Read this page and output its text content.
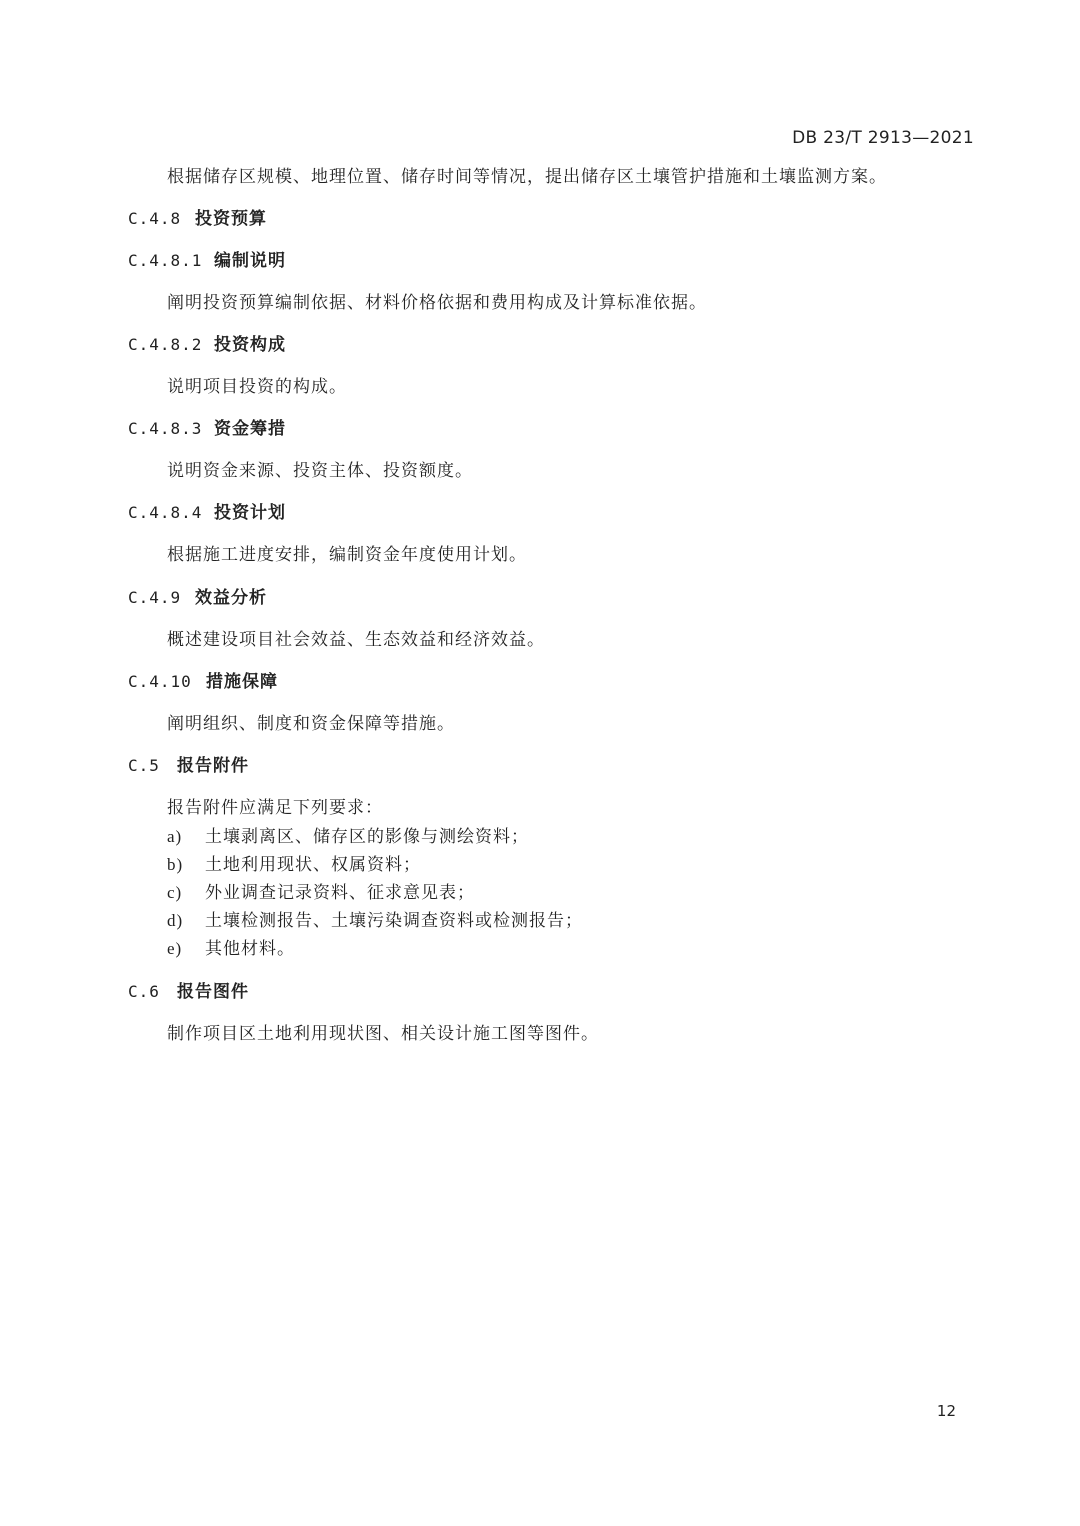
DB 23/T 2913—2021
根据储存区规模、地理位置、储存时间等情况，提出储存区土壤管护措施和土壤监测方案。
C.4.8 投资预算
C.4.8.1 编制说明
阐明投资预算编制依据、材料价格依据和费用构成及计算标准依据。
C.4.8.2 投资构成
说明项目投资的构成。
C.4.8.3 资金筹措
说明资金来源、投资主体、投资额度。
C.4.8.4 投资计划
根据施工进度安排，编制资金年度使用计划。
C.4.9 效益分析
概述建设项目社会效益、生态效益和经济效益。
C.4.10 措施保障
阐明组织、制度和资金保障等措施。
C.5 报告附件
报告附件应满足下列要求：
a) 土壤剥离区、储存区的影像与测绘资料；
b) 土地利用现状、权属资料；
c) 外业调查记录资料、征求意见表；
d) 土壤检测报告、土壤污染调查资料或检测报告；
e) 其他材料。
C.6 报告图件
制作项目区土地利用现状图、相关设计施工图等图件。
12
